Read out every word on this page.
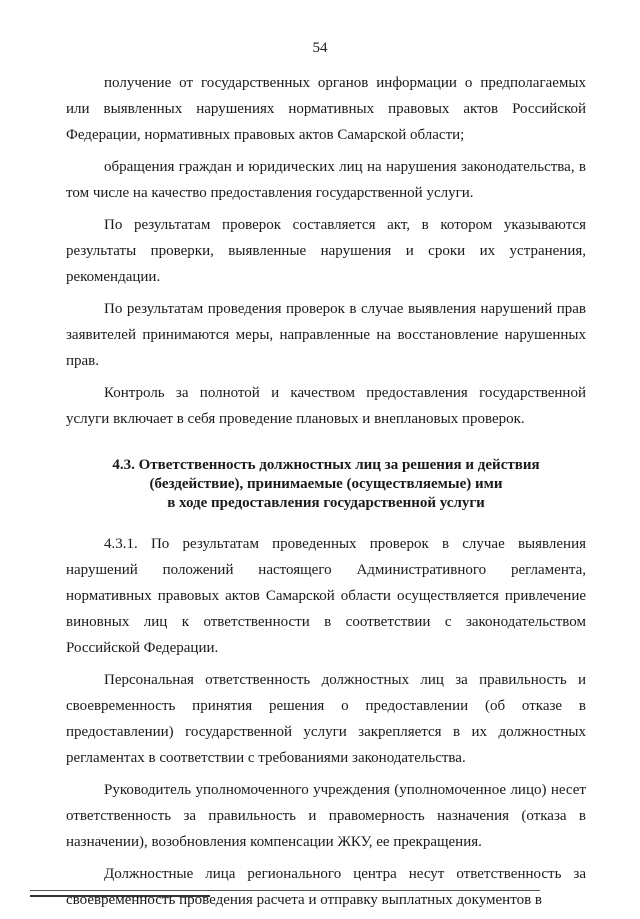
54

получение от государственных органов информации о предполагаемых или выявленных нарушениях нормативных правовых актов Российской Федерации, нормативных правовых актов Самарской области;

обращения граждан и юридических лиц на нарушения законодательства, в том числе на качество предоставления государственной услуги.

По результатам проверок составляется акт, в котором указываются результаты проверки, выявленные нарушения и сроки их устранения, рекомендации.

По результатам проведения проверок в случае выявления нарушений прав заявителей принимаются меры, направленные на восстановление нарушенных прав.

Контроль за полнотой и качеством предоставления государственной услуги включает в себя проведение плановых и внеплановых проверок.

4.3. Ответственность должностных лиц за решения и действия
(бездействие), принимаемые (осуществляемые) ими
в ходе предоставления государственной услуги

4.3.1. По результатам проведенных проверок в случае выявления нарушений положений настоящего Административного регламента, нормативных правовых актов Самарской области осуществляется привлечение виновных лиц к ответственности в соответствии с законодательством Российской Федерации.

Персональная ответственность должностных лиц за правильность и своевременность принятия решения о предоставлении (об отказе в предоставлении) государственной услуги закрепляется в их должностных регламентах в соответствии с требованиями законодательства.

Руководитель уполномоченного учреждения (уполномоченное лицо) несет ответственность за правильность и правомерность назначения (отказа в назначении), возобновления компенсации ЖКУ, ее прекращения.

Должностные лица регионального центра несут ответственность за своевременность проведения расчета и отправку выплатных документов в
